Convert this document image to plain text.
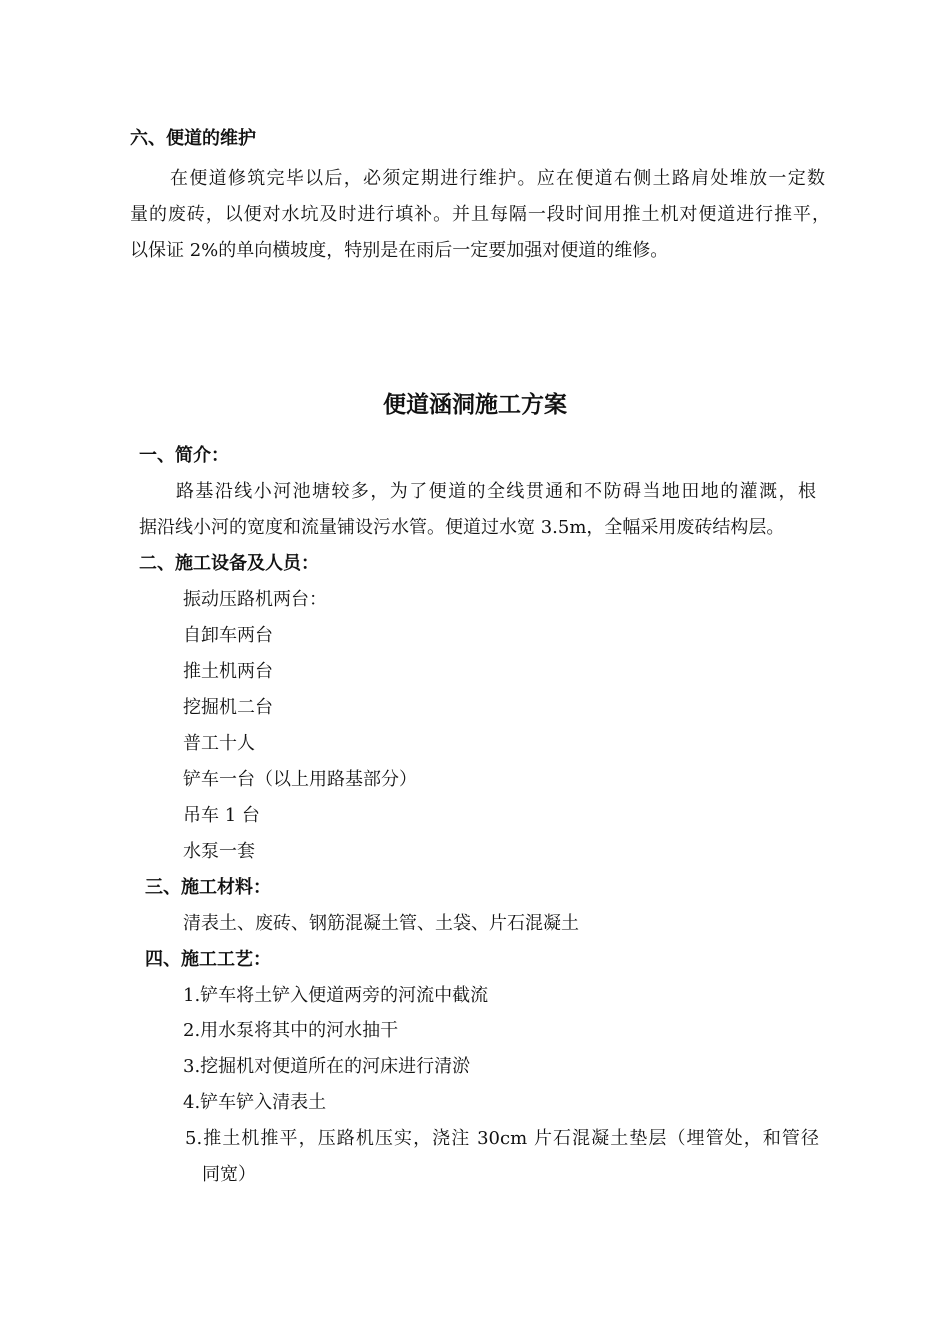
六、便道的维护
在便道修筑完毕以后，必须定期进行维护。应在便道右侧土路肩处堆放一定数
量的废砖，以便对水坑及时进行填补。并且每隔一段时间用推土机对便道进行推平，
以保证 2%的单向横坡度，特别是在雨后一定要加强对便道的维修。
便道涵洞施工方案
一、简介：
路基沿线小河池塘较多，为了便道的全线贯通和不防碍当地田地的灌溉，根
据沿线小河的宽度和流量铺设污水管。便道过水宽 3.5m，全幅采用废砖结构层。
二、施工设备及人员：
振动压路机两台：
自卸车两台
推土机两台
挖掘机二台
普工十人
铲车一台（以上用路基部分）
吊车 1 台
水泵一套
三、施工材料：
清表土、废砖、钢筋混凝土管、土袋、片石混凝土
四、施工工艺：
1.铲车将土铲入便道两旁的河流中截流
2.用水泵将其中的河水抽干
3.挖掘机对便道所在的河床进行清淤
4.铲车铲入清表土
5.推土机推平，压路机压实，浇注 30cm 片石混凝土垫层（埋管处，和管径
同宽）
